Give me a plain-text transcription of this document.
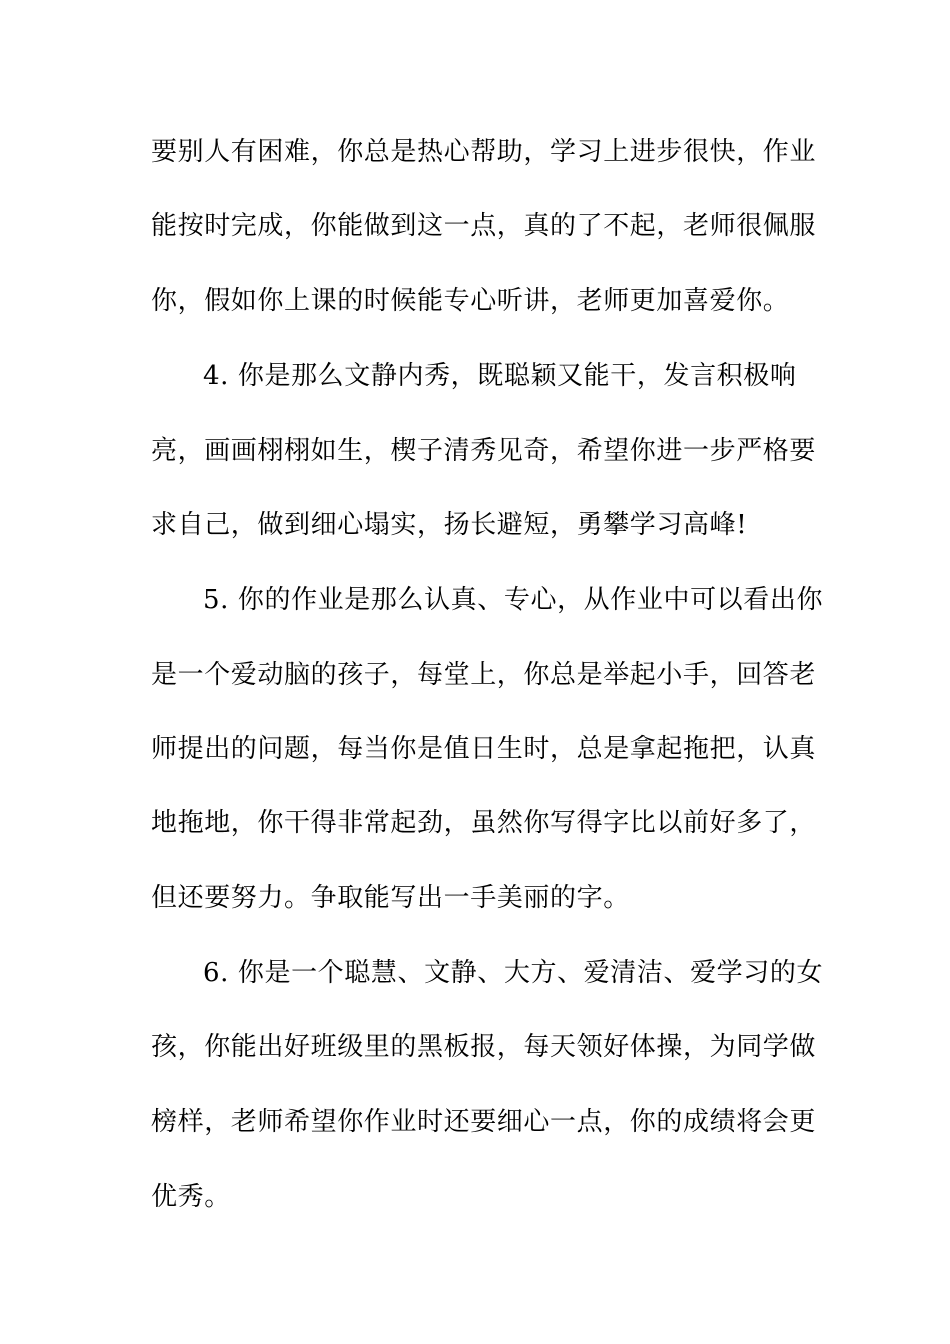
要别人有困难，你总是热心帮助，学习上进步很快，作业

能按时完成，你能做到这一点，真的了不起，老师很佩服

你，假如你上课的时候能专心听讲，老师更加喜爱你。

4. 你是那么文静内秀，既聪颖又能干，发言积极响

亮，画画栩栩如生，楔子清秀见奇，希望你进一步严格要

求自己，做到细心塌实，扬长避短，勇攀学习高峰!

5. 你的作业是那么认真、专心，从作业中可以看出你

是一个爱动脑的孩子，每堂上，你总是举起小手，回答老

师提出的问题，每当你是值日生时，总是拿起拖把，认真

地拖地，你干得非常起劲，虽然你写得字比以前好多了，

但还要努力。争取能写出一手美丽的字。

6. 你是一个聪慧、文静、大方、爱清洁、爱学习的女

孩，你能出好班级里的黑板报，每天领好体操，为同学做

榜样，老师希望你作业时还要细心一点，你的成绩将会更

优秀。
